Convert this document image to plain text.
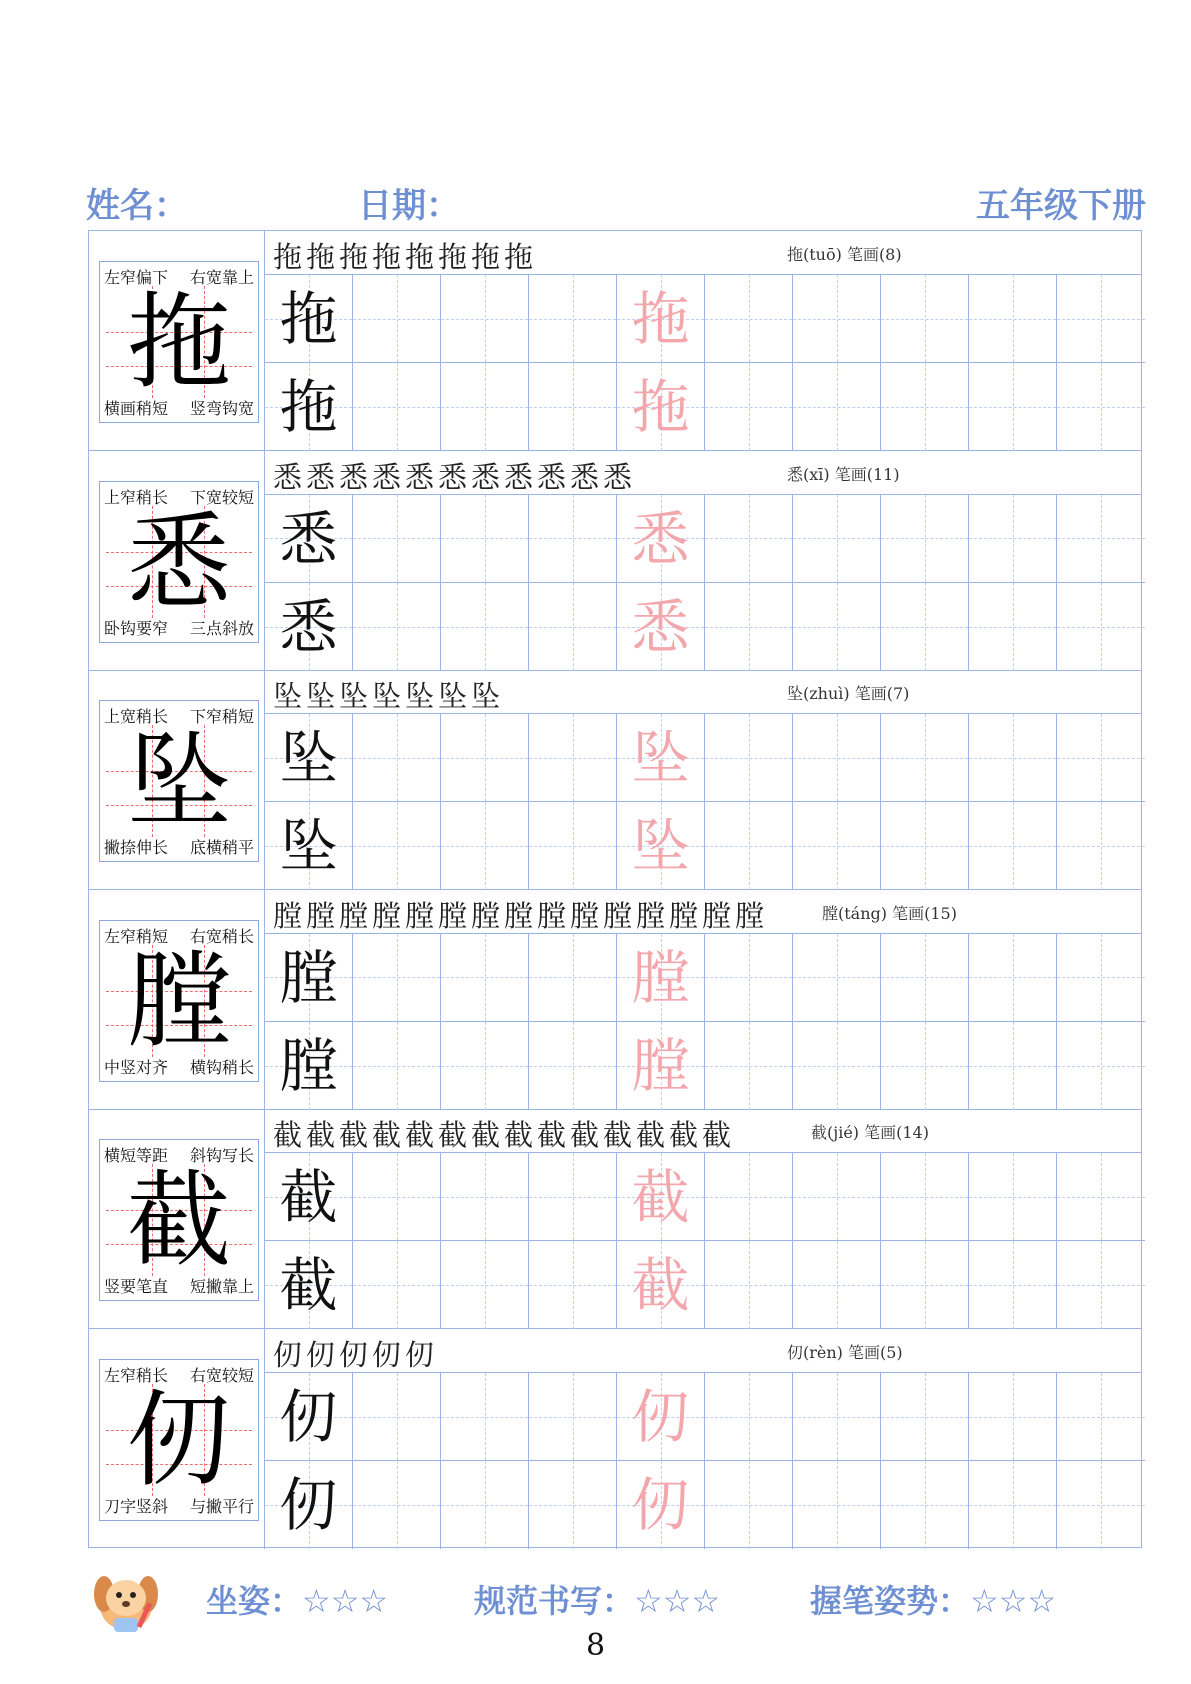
姓名：	日期：	五年级下册
左窄偏下 右宽靠上
横画稍短 竖弯钩宽
拖
拖拖拖拖拖拖拖拖	拖(tuō) 笔画(8)
拖	拖
拖	拖
上窄稍长 下宽较短
卧钩要窄 三点斜放
悉
悉悉悉悉悉悉悉悉悉悉悉	悉(xī) 笔画(11)
悉	悉
悉	悉
上宽稍长 下窄稍短
撇捺伸长 底横稍平
坠
坠坠坠坠坠坠坠	坠(zhuì) 笔画(7)
坠	坠
坠	坠
左窄稍短 右宽稍长
中竖对齐 横钩稍长
膛
膛膛膛膛膛膛膛膛膛膛膛膛膛膛膛	膛(táng) 笔画(15)
膛	膛
膛	膛
横短等距 斜钩写长
竖要笔直 短撇靠上
截
截截截截截截截截截截截截截截	截(jié) 笔画(14)
截	截
截	截
左窄稍长 右宽较短
刀字竖斜 与撇平行
仞
仞仞仞仞仞	仞(rèn) 笔画(5)
仞	仞
仞	仞
坐姿：☆☆☆	规范书写：☆☆☆	握笔姿势：☆☆☆
8
